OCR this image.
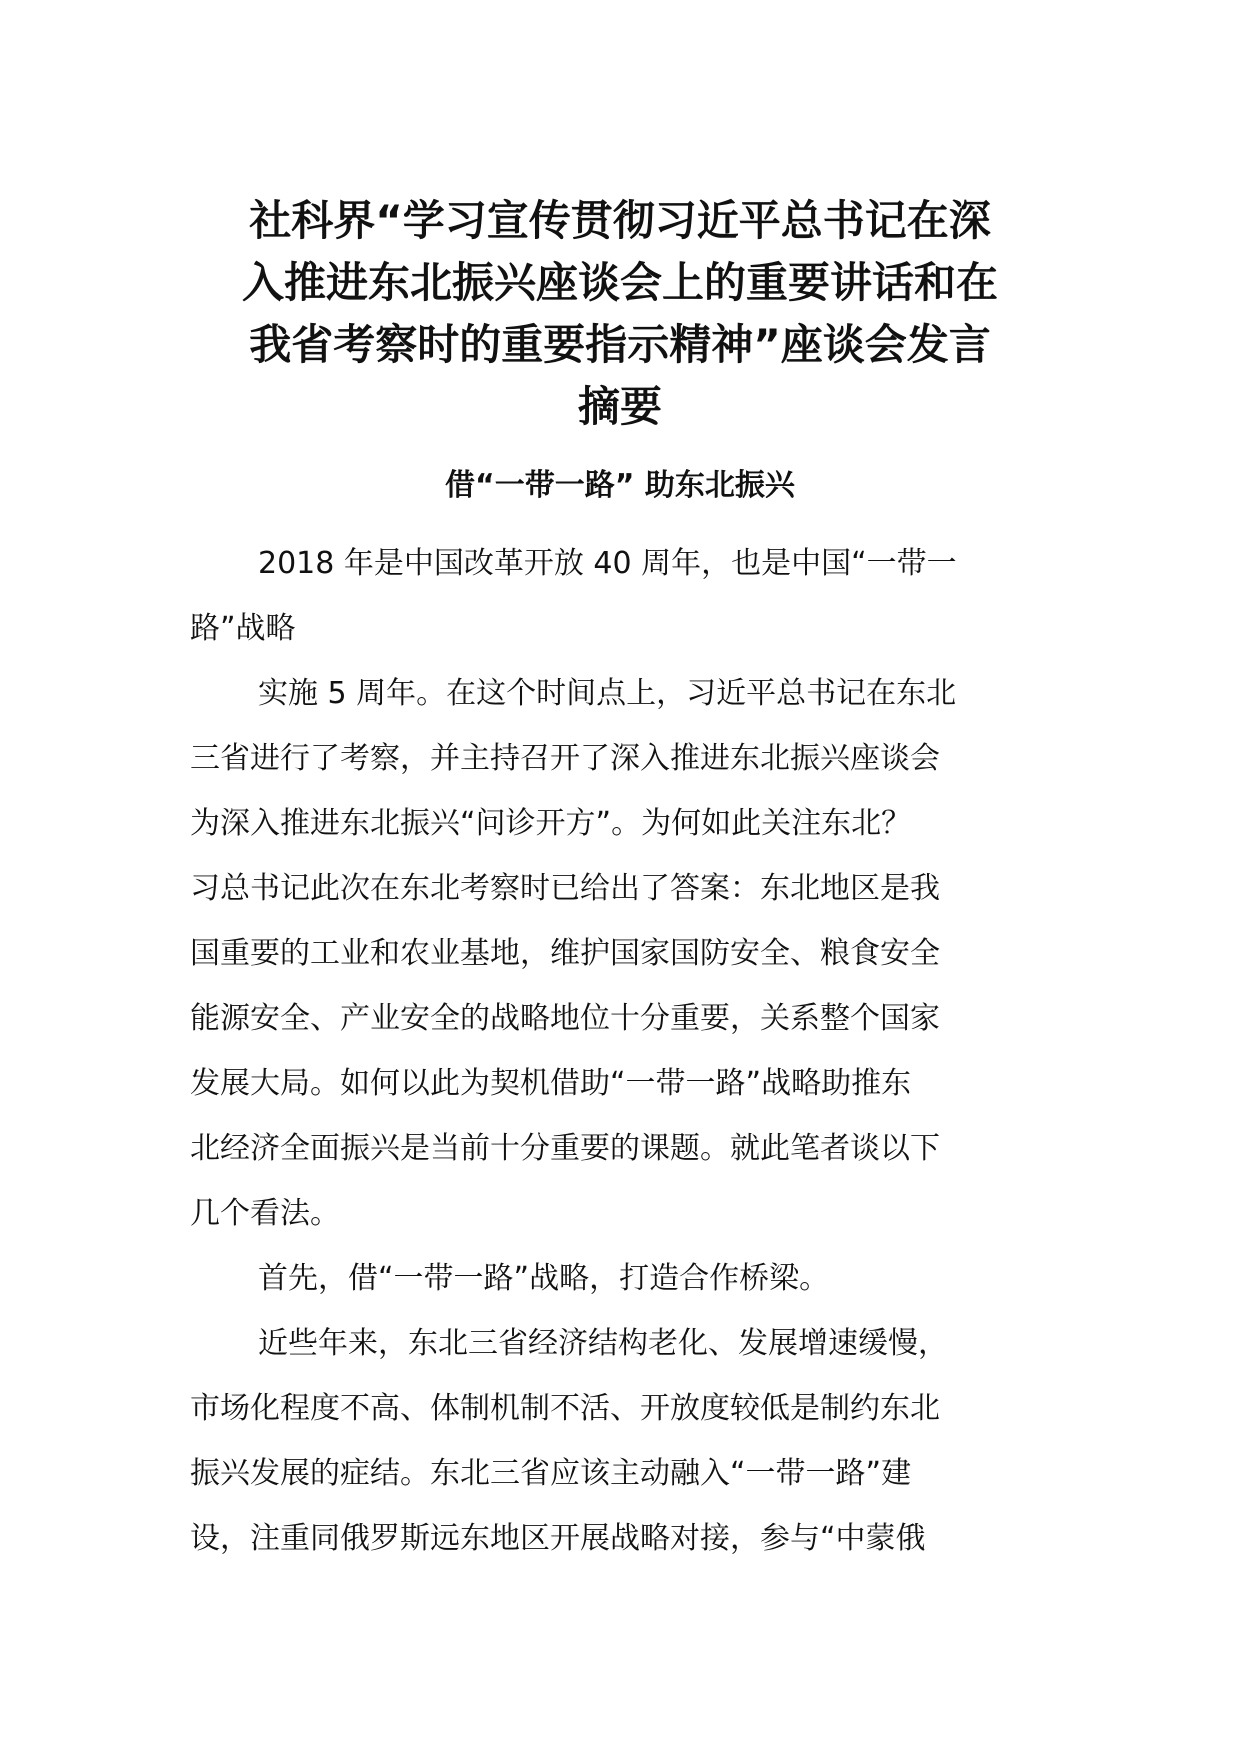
社科界“学习宣传贯彻习近平总书记在深
入推进东北振兴座谈会上的重要讲话和在
我省考察时的重要指示精神”座谈会发言
摘要
借“一带一路” 助东北振兴

2018 年是中国改革开放 40 周年，也是中国“一带一
路”战略

实施 5 周年。在这个时间点上，习近平总书记在东北
三省进行了考察，并主持召开了深入推进东北振兴座谈会
为深入推进东北振兴“问诊开方”。为何如此关注东北？
习总书记此次在东北考察时已给出了答案：东北地区是我
国重要的工业和农业基地，维护国家国防安全、粮食安全
能源安全、产业安全的战略地位十分重要，关系整个国家
发展大局。如何以此为契机借助“一带一路”战略助推东
北经济全面振兴是当前十分重要的课题。就此笔者谈以下
几个看法。

首先，借“一带一路”战略，打造合作桥梁。

近些年来，东北三省经济结构老化、发展增速缓慢，
市场化程度不高、体制机制不活、开放度较低是制约东北
振兴发展的症结。东北三省应该主动融入“一带一路”建
设，注重同俄罗斯远东地区开展战略对接，参与“中蒙俄
